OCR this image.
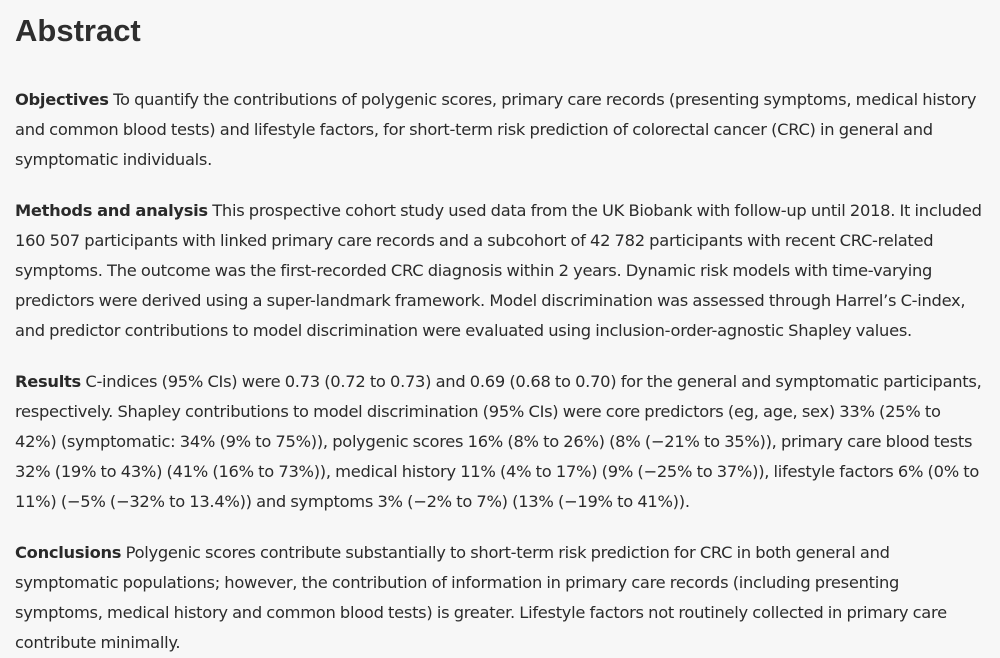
Abstract

Objectives To quantify the contributions of polygenic scores, primary care records (presenting symptoms, medical history and common blood tests) and lifestyle factors, for short-term risk prediction of colorectal cancer (CRC) in general and symptomatic individuals.

Methods and analysis This prospective cohort study used data from the UK Biobank with follow-up until 2018. It included 160 507 participants with linked primary care records and a subcohort of 42 782 participants with recent CRC-related symptoms. The outcome was the first-recorded CRC diagnosis within 2 years. Dynamic risk models with time-varying predictors were derived using a super-landmark framework. Model discrimination was assessed through Harrel’s C-index, and predictor contributions to model discrimination were evaluated using inclusion-order-agnostic Shapley values.

Results C-indices (95% CIs) were 0.73 (0.72 to 0.73) and 0.69 (0.68 to 0.70) for the general and symptomatic participants, respectively. Shapley contributions to model discrimination (95% CIs) were core predictors (eg, age, sex) 33% (25% to 42%) (symptomatic: 34% (9% to 75%)), polygenic scores 16% (8% to 26%) (8% (−21% to 35%)), primary care blood tests 32% (19% to 43%) (41% (16% to 73%)), medical history 11% (4% to 17%) (9% (−25% to 37%)), lifestyle factors 6% (0% to 11%) (−5% (−32% to 13.4%)) and symptoms 3% (−2% to 7%) (13% (−19% to 41%)).

Conclusions Polygenic scores contribute substantially to short-term risk prediction for CRC in both general and symptomatic populations; however, the contribution of information in primary care records (including presenting symptoms, medical history and common blood tests) is greater. Lifestyle factors not routinely collected in primary care contribute minimally.
